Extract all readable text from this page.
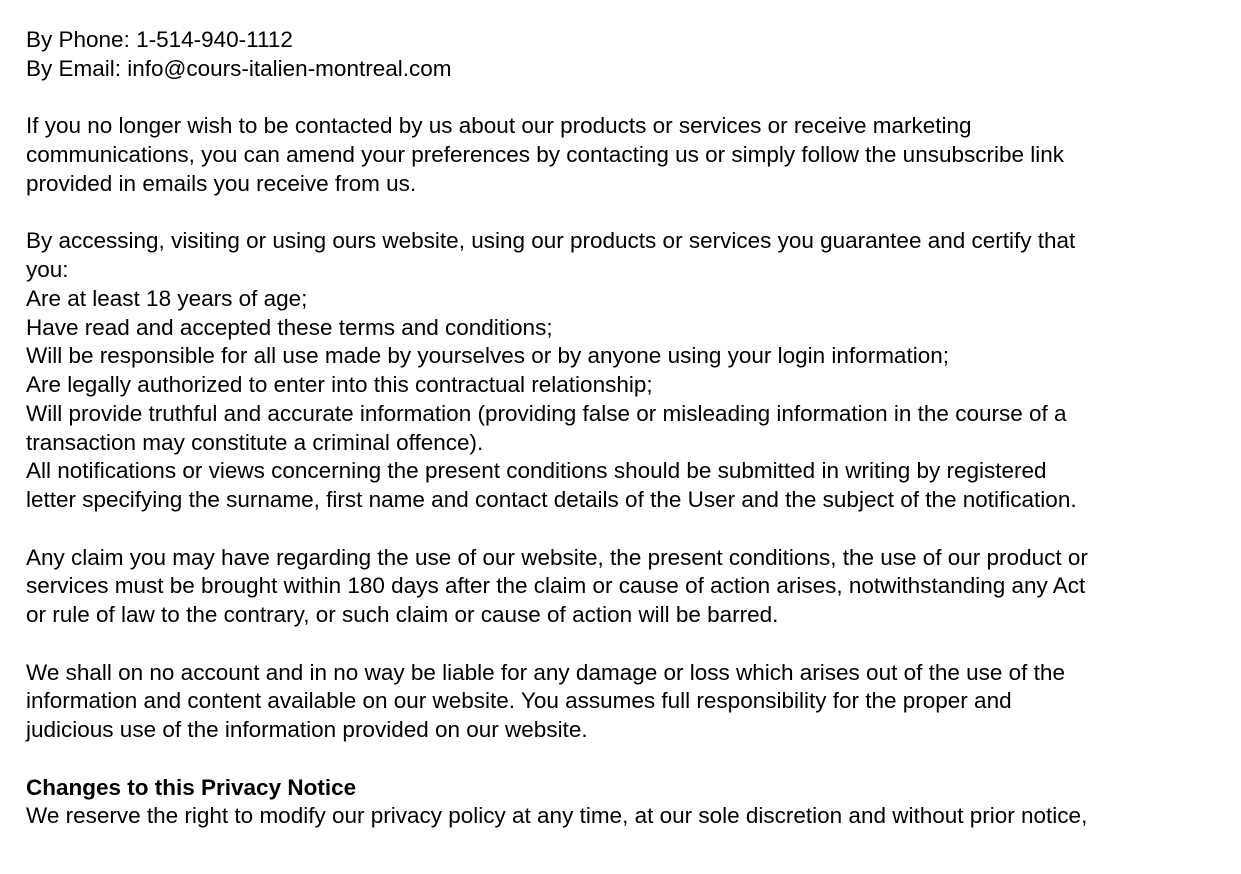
By Phone: 1-514-940-1112
By Email: info@cours-italien-montreal.com
If you no longer wish to be contacted by us about our products or services or receive marketing
communications, you can amend your preferences by contacting us or simply follow the unsubscribe link
provided in emails you receive from us.
By accessing, visiting or using ours website, using our products or services you guarantee and certify that
you:
Are at least 18 years of age;
Have read and accepted these terms and conditions;
Will be responsible for all use made by yourselves or by anyone using your login information;
Are legally authorized to enter into this contractual relationship;
Will provide truthful and accurate information (providing false or misleading information in the course of a
transaction may constitute a criminal offence).
All notifications or views concerning the present conditions should be submitted in writing by registered
letter specifying the surname, first name and contact details of the User and the subject of the notification.
Any claim you may have regarding the use of our website, the present conditions, the use of our product or
services must be brought within 180 days after the claim or cause of action arises, notwithstanding any Act
or rule of law to the contrary, or such claim or cause of action will be barred.
We shall on no account and in no way be liable for any damage or loss which arises out of the use of the
information and content available on our website. You assumes full responsibility for the proper and
judicious use of the information provided on our website.
Changes to this Privacy Notice
We reserve the right to modify our privacy policy at any time, at our sole discretion and without prior notice,
